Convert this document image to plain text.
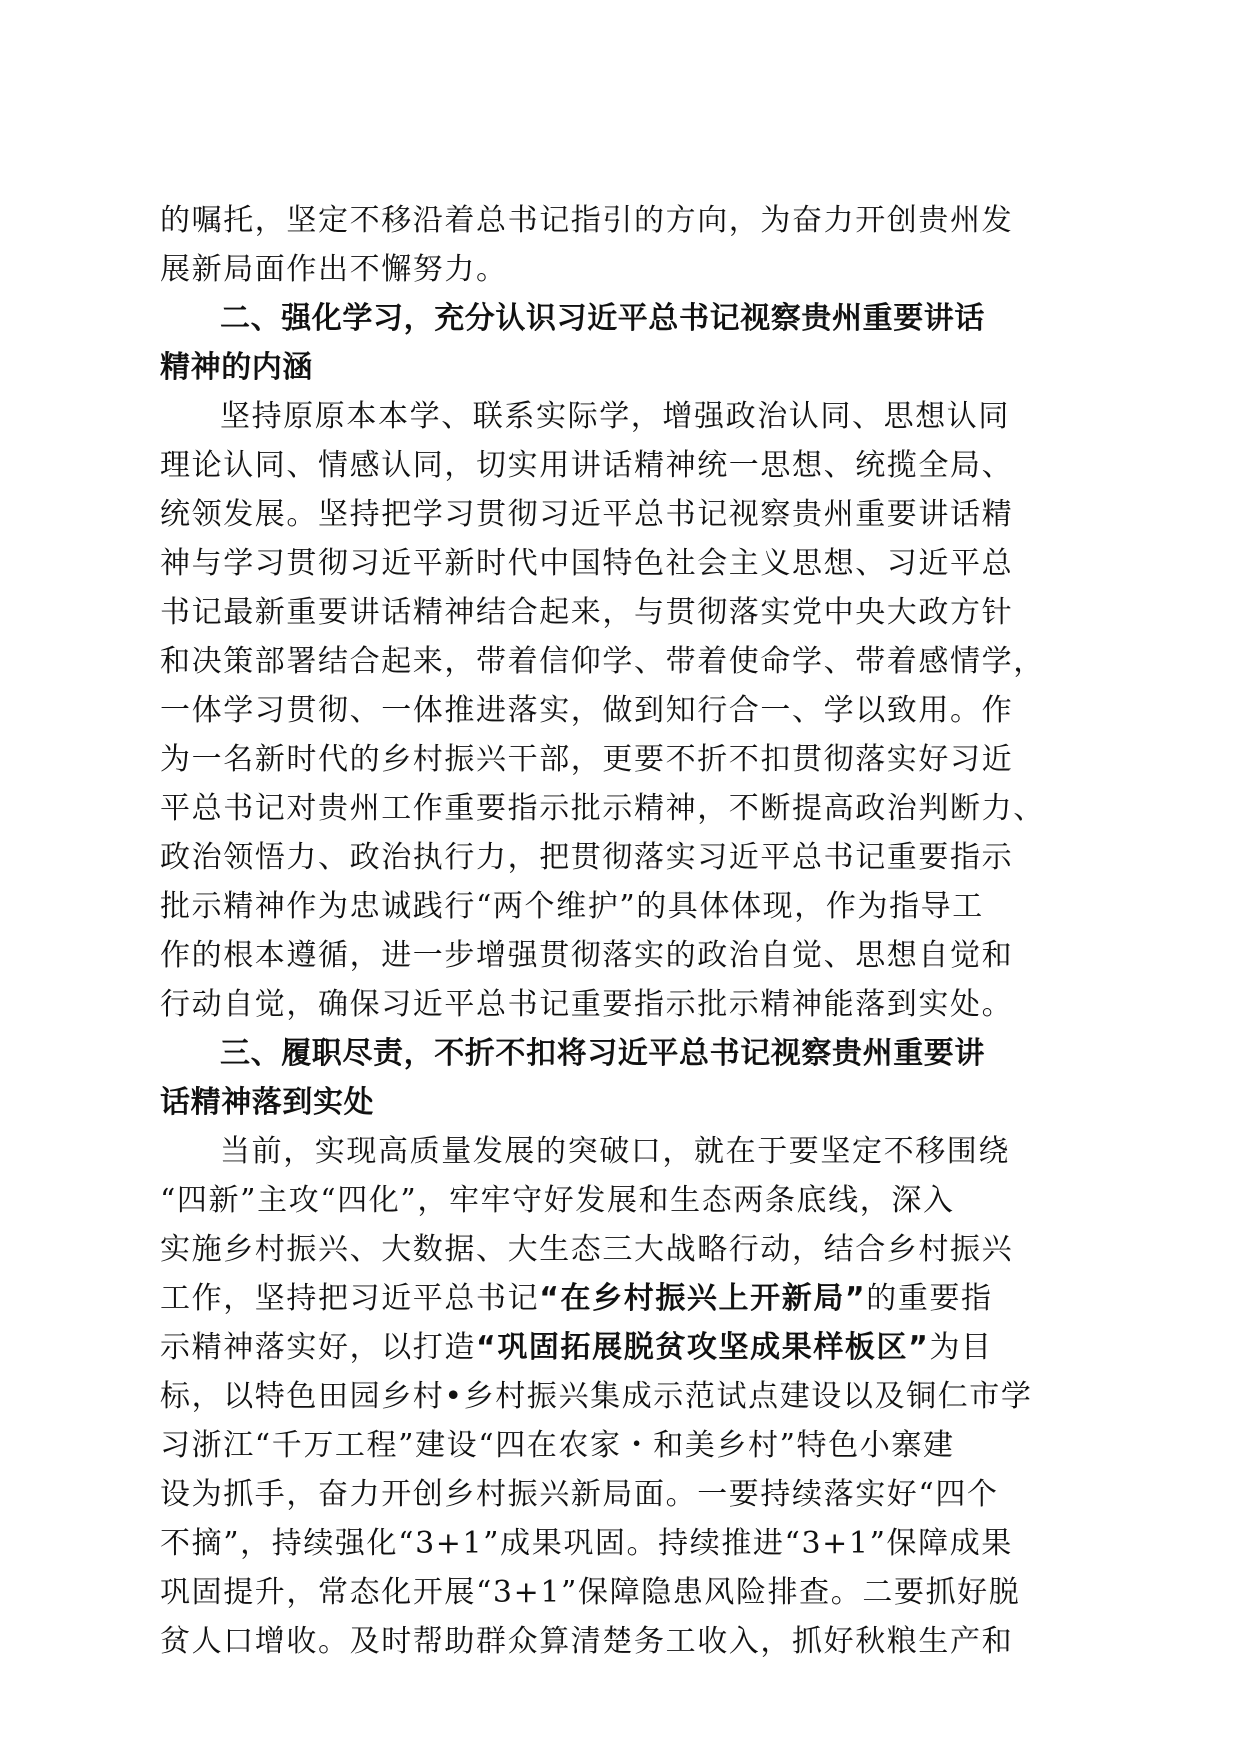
的嘱托，坚定不移沿着总书记指引的方向，为奋力开创贵州发
展新局面作出不懈努力。
二、强化学习，充分认识习近平总书记视察贵州重要讲话
精神的内涵
坚持原原本本学、联系实际学，增强政治认同、思想认同
理论认同、情感认同，切实用讲话精神统一思想、统揽全局、
统领发展。坚持把学习贯彻习近平总书记视察贵州重要讲话精
神与学习贯彻习近平新时代中国特色社会主义思想、习近平总
书记最新重要讲话精神结合起来，与贯彻落实党中央大政方针
和决策部署结合起来，带着信仰学、带着使命学、带着感情学，
一体学习贯彻、一体推进落实，做到知行合一、学以致用。作
为一名新时代的乡村振兴干部，更要不折不扣贯彻落实好习近
平总书记对贵州工作重要指示批示精神，不断提高政治判断力、
政治领悟力、政治执行力，把贯彻落实习近平总书记重要指示
批示精神作为忠诚践行“两个维护”的具体体现，作为指导工
作的根本遵循，进一步增强贯彻落实的政治自觉、思想自觉和
行动自觉，确保习近平总书记重要指示批示精神能落到实处。
三、履职尽责，不折不扣将习近平总书记视察贵州重要讲
话精神落到实处
当前，实现高质量发展的突破口，就在于要坚定不移围绕
“四新”主攻“四化”，牢牢守好发展和生态两条底线，深入
实施乡村振兴、大数据、大生态三大战略行动，结合乡村振兴
工作，坚持把习近平总书记“在乡村振兴上开新局”的重要指
示精神落实好，以打造“巩固拓展脱贫攻坚成果样板区”为目
标，以特色田园乡村•乡村振兴集成示范试点建设以及铜仁市学
习浙江“千万工程”建设“四在农家・和美乡村”特色小寨建
设为抓手，奋力开创乡村振兴新局面。一要持续落实好“四个
不摘”，持续强化“3+1”成果巩固。持续推进“3+1”保障成果
巩固提升，常态化开展“3+1”保障隐患风险排查。二要抓好脱
贫人口增收。及时帮助群众算清楚务工收入，抓好秋粮生产和
